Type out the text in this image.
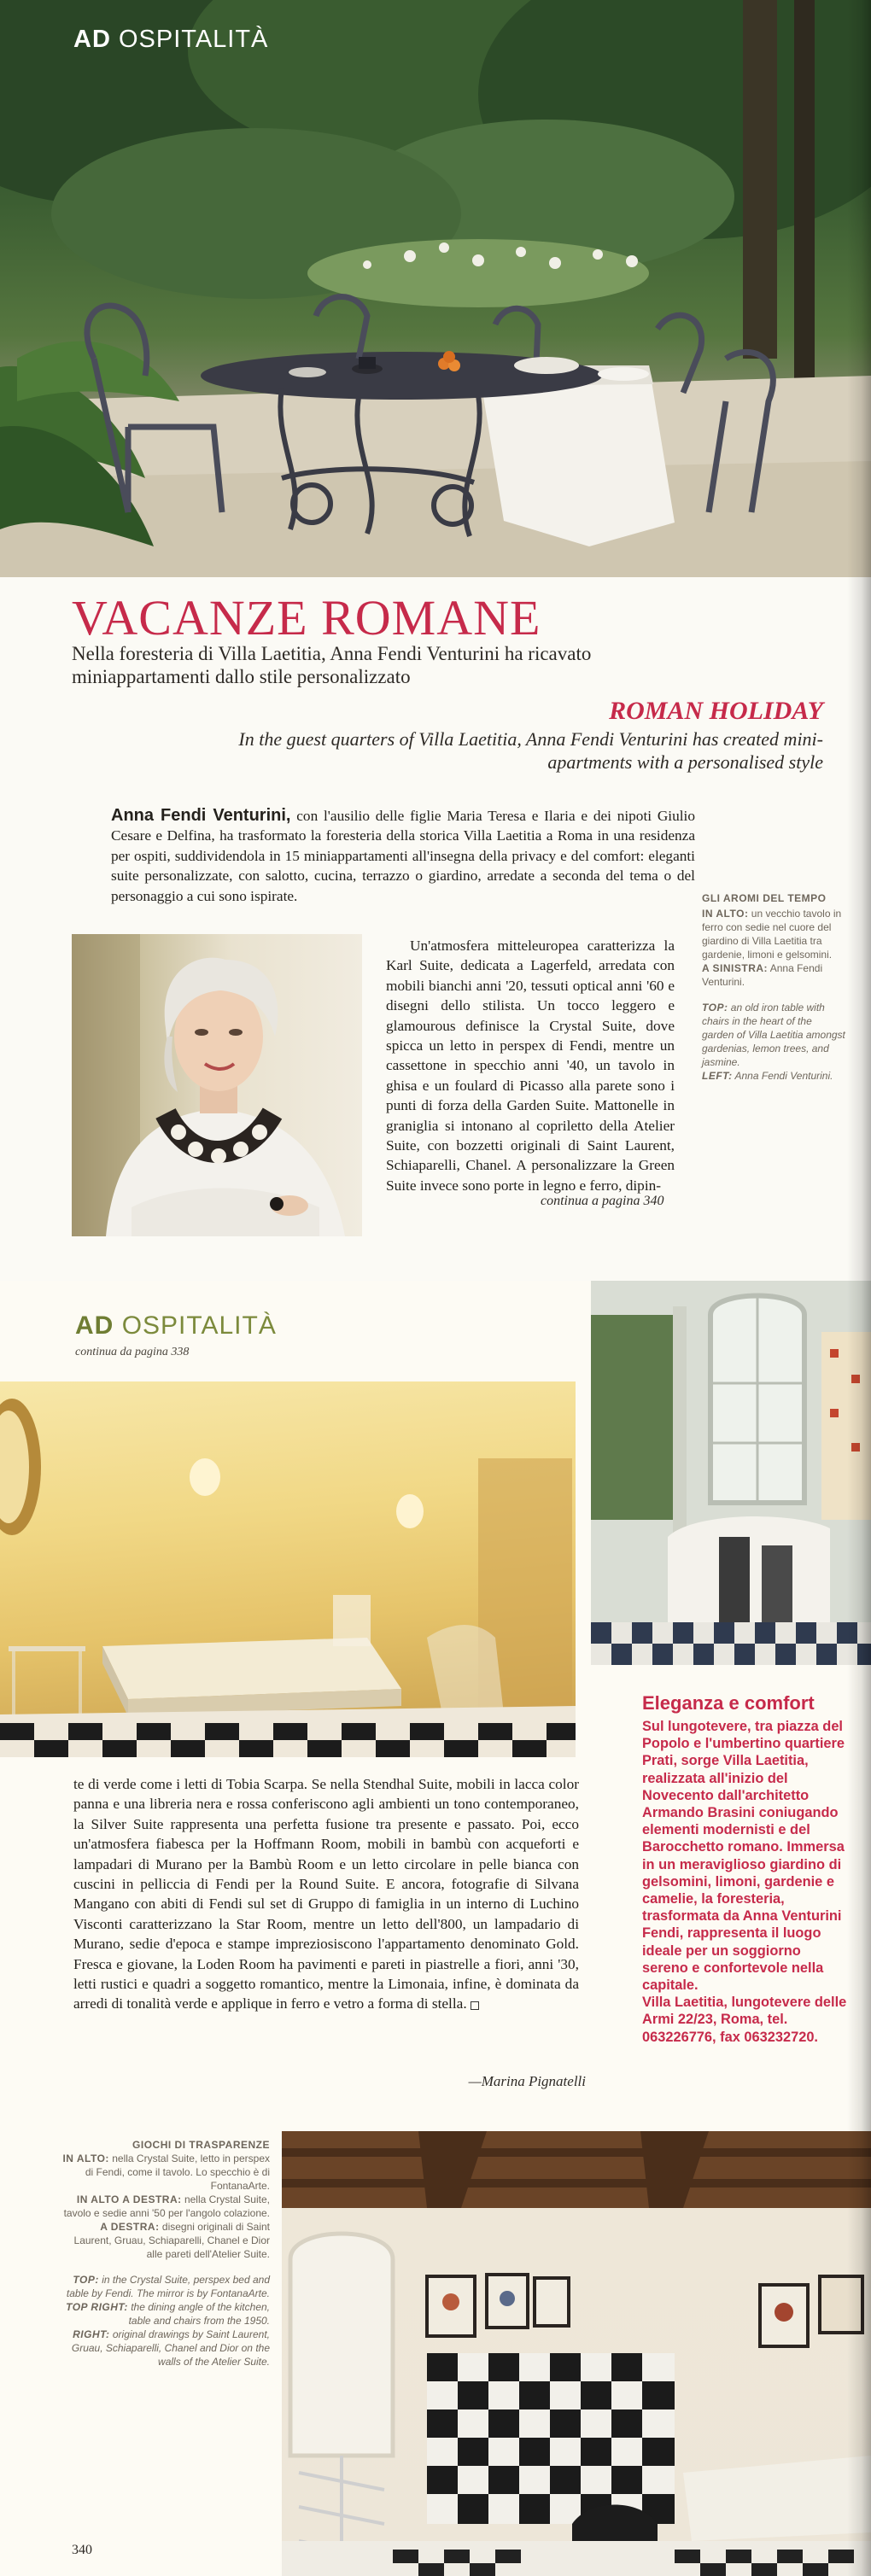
AD OSPITALITÀ
VACANZE ROMANE

Nella foresteria di Villa Laetitia, Anna Fendi Venturini ha ricavato miniappartamenti dallo stile personalizzato

ROMAN HOLIDAY

In the guest quarters of Villa Laetitia, Anna Fendi Venturini has created mini-apartments with a personalised style

Anna Fendi Venturini, con l'ausilio delle figlie Maria Teresa e Ilaria e dei nipoti Giulio Cesare e Delfina, ha trasformato la foresteria della storica Villa Laetitia a Roma in una residenza per ospiti, suddividendola in 15 miniappartamenti all'insegna della privacy e del comfort: eleganti suite personalizzate, con salotto, cucina, terrazzo o giardino, arredate a seconda del tema o del personaggio a cui sono ispirate.

Un'atmosfera mitteleuropea caratterizza la Karl Suite, dedicata a Lagerfeld, arredata con mobili bianchi anni '20, tessuti optical anni '60 e disegni dello stilista. Un tocco leggero e glamourous definisce la Crystal Suite, dove spicca un letto in perspex di Fendi, mentre un cassettone in specchio anni '40, un tavolo in ghisa e un foulard di Picasso alla parete sono i punti di forza della Garden Suite. Mattonelle in graniglia si intonano al copriletto della Atelier Suite, con bozzetti originali di Saint Laurent, Schiaparelli, Chanel. A personalizzare la Green Suite invece sono porte in legno e ferro, dipin-

continua a pagina 340
GLI AROMI DEL TEMPO
IN ALTO: un vecchio tavolo in ferro con sedie nel cuore del giardino di Villa Laetitia tra gardenie, limoni e gelsomini.
A SINISTRA: Anna Fendi Venturini.
TOP: an old iron table with chairs in the heart of the garden of Villa Laetitia amongst gardenias, lemon trees, and jasmine.
LEFT: Anna Fendi Venturini.
AD OSPITALITÀ
continua da pagina 338
Eleganza e comfort
Sul lungotevere, tra piazza del Popolo e l'umbertino quartiere Prati, sorge Villa Laetitia, realizzata all'inizio del Novecento dall'architetto Armando Brasini coniugando elementi modernisti e del Barocchetto romano. Immersa in un meraviglioso giardino di gelsomini, limoni, gardenie e camelie, la foresteria, trasformata da Anna Venturini Fendi, rappresenta il luogo ideale per un soggiorno sereno e confortevole nella capitale.
Villa Laetitia, lungotevere delle Armi 22/23, Roma, tel. 063226776, fax 063232720.

te di verde come i letti di Tobia Scarpa. Se nella Stendhal Suite, mobili in lacca color panna e una libreria nera e rossa conferiscono agli ambienti un tono contemporaneo, la Silver Suite rappresenta una perfetta fusione tra presente e passato. Poi, ecco un'atmosfera fiabesca per la Hoffmann Room, mobili in bambù con acqueforti e lampadari di Murano per la Bambù Room e un letto circolare in pelle bianca con cuscini in pelliccia di Fendi per la Round Suite. E ancora, fotografie di Silvana Mangano con abiti di Fendi sul set di Gruppo di famiglia in un interno di Luchino Visconti caratterizzano la Star Room, mentre un letto dell'800, un lampadario di Murano, sedie d'epoca e stampe impreziosiscono l'appartamento denominato Gold. Fresca e giovane, la Loden Room ha pavimenti e pareti in piastrelle a fiori, anni '30, letti rustici e quadri a soggetto romantico, mentre la Limonaia, infine, è dominata da arredi di tonalità verde e applique in ferro e vetro a forma di stella.

—Marina Pignatelli
GIOCHI DI TRASPARENZE
IN ALTO: nella Crystal Suite, letto in perspex di Fendi, come il tavolo. Lo specchio è di FontanaArte.
IN ALTO A DESTRA: nella Crystal Suite, tavolo e sedie anni '50 per l'angolo colazione.
A DESTRA: disegni originali di Saint Laurent, Gruau, Schiaparelli, Chanel e Dior alle pareti dell'Atelier Suite.
TOP: in the Crystal Suite, perspex bed and table by Fendi. The mirror is by FontanaArte.
TOP RIGHT: the dining angle of the kitchen, table and chairs from the 1950.
RIGHT: original drawings by Saint Laurent, Gruau, Schiaparelli, Chanel and Dior on the walls of the Atelier Suite.
340
